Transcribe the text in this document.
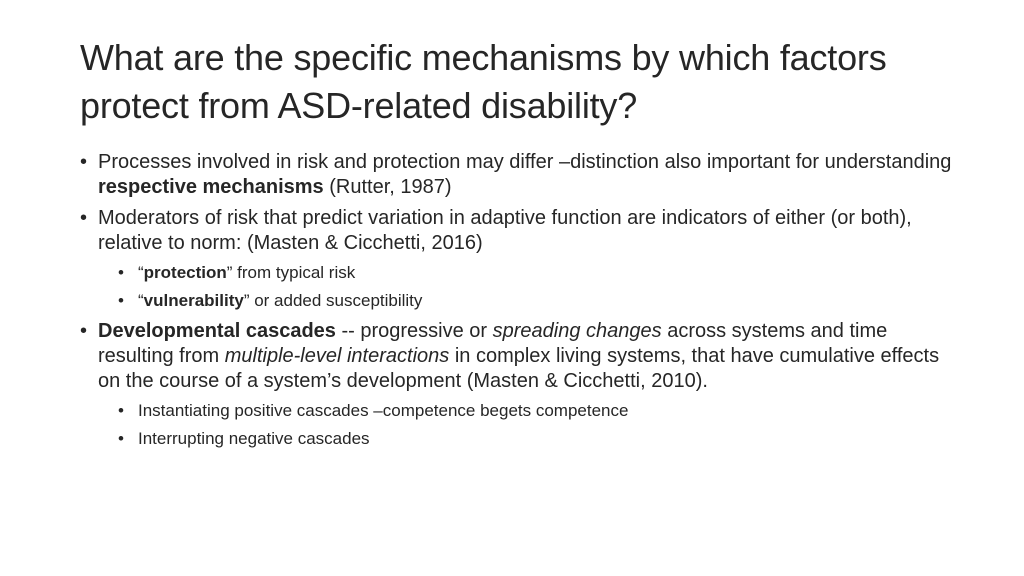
What are the specific mechanisms by which factors protect from ASD-related disability?
• Processes involved in risk and protection may differ –distinction also important for understanding respective mechanisms (Rutter, 1987)
• Moderators of risk that predict variation in adaptive function are indicators of either (or both), relative to norm: (Masten & Cicchetti, 2016)
• “protection” from typical risk
• “vulnerability” or added susceptibility
• Developmental cascades -- progressive or spreading changes across systems and time resulting from multiple-level interactions in complex living systems, that have cumulative effects on the course of a system’s development (Masten & Cicchetti, 2010).
• Instantiating positive cascades –competence begets competence
• Interrupting negative cascades
